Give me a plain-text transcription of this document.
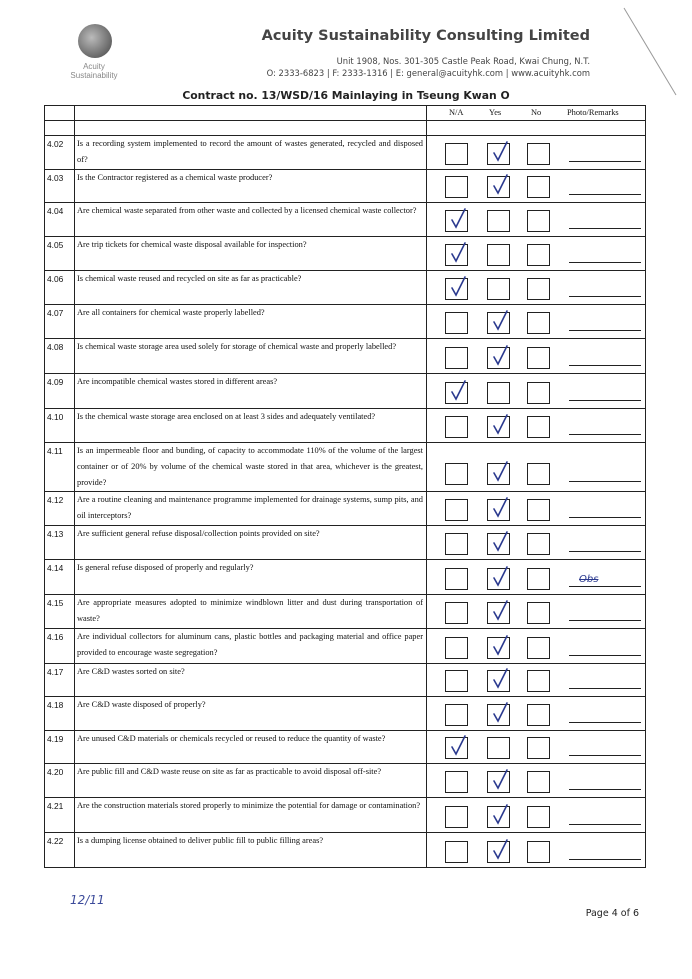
Acuity
Sustainability
Acuity Sustainability Consulting Limited
Unit 1908, Nos. 301-305 Castle Peak Road, Kwai Chung, N.T.
O: 2333-6823 | F: 2333-1316 | E: general@acuityhk.com | www.acuityhk.com
Contract no. 13/WSD/16 Mainlaying in Tseung Kwan O

		N/A Yes No Photo/Remarks

4.02	Is a recording system implemented to record the amount of wastes generated, recycled and disposed of?	

4.03	Is the Contractor registered as a chemical waste producer?	

4.04	Are chemical waste separated from other waste and collected by a licensed chemical waste collector?	

4.05	Are trip tickets for chemical waste disposal available for inspection?	

4.06	Is chemical waste reused and recycled on site as far as practicable?	

4.07	Are all containers for chemical waste properly labelled?	

4.08	Is chemical waste storage area used solely for storage of chemical waste and properly labelled?	

4.09	Are incompatible chemical wastes stored in different areas?	

4.10	Is the chemical waste storage area enclosed on at least 3 sides and adequately ventilated?	

4.11	Is an impermeable floor and bunding, of capacity to accommodate 110% of the volume of the largest container or of 20% by volume of the chemical waste stored in that area, whichever is the greatest, provide?	

4.12	Are a routine cleaning and maintenance programme implemented for drainage systems, sump pits, and oil interceptors?	

4.13	Are sufficient general refuse disposal/collection points provided on site?	

4.14	Is general refuse disposed of properly and regularly?	Obs

4.15	Are appropriate measures adopted to minimize windblown litter and dust during transportation of waste?	

4.16	Are individual collectors for aluminum cans, plastic bottles and packaging material and office paper provided to encourage waste segregation?	

4.17	Are C&D wastes sorted on site?	

4.18	Are C&D waste disposed of properly?	

4.19	Are unused C&D materials or chemicals recycled or reused to reduce the quantity of waste?	

4.20	Are public fill and C&D waste reuse on site as far as practicable to avoid disposal off-site?	

4.21	Are the construction materials stored properly to minimize the potential for damage or contamination?	

4.22	Is a dumping license obtained to deliver public fill to public filling areas?	
12/11
Page 4 of 6
